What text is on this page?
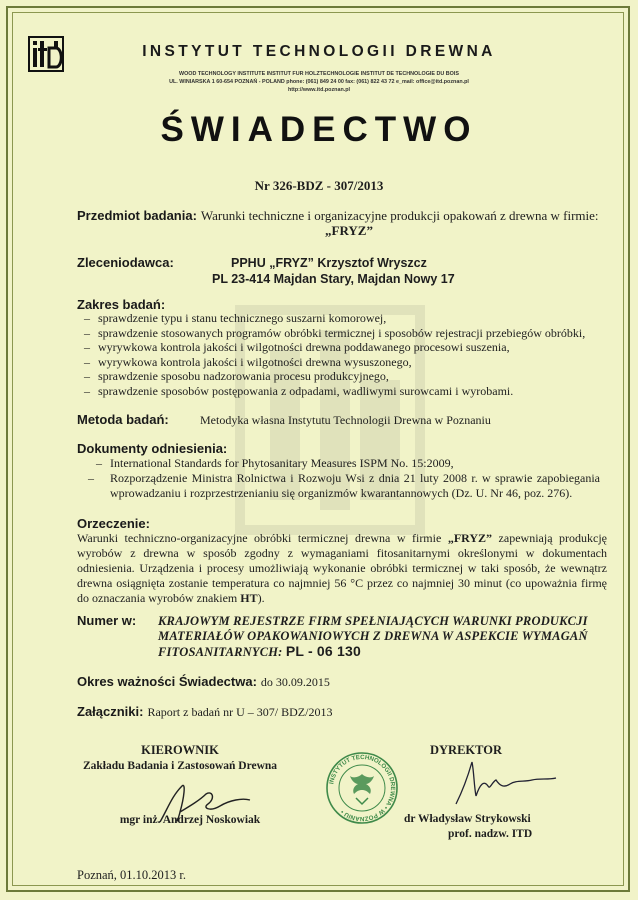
INSTYTUT TECHNOLOGII DREWNA
WOOD TECHNOLOGY INSTITUTE INSTITUT FUR HOLZTECHNOLOGIE INSTITUT DE TECHNOLOGIE DU BOIS
UL. WINIARSKA 1 60-654 POZNAŃ - POLAND phone: (061) 849 24 00 fax: (061) 822 43 72 e_mail: office@itd.poznan.pl
http://www.itd.poznan.pl
ŚWIADECTWO
Nr 326-BDZ - 307/2013
Przedmiot badania: Warunki techniczne i organizacyjne produkcji opakowań z drewna w firmie:
„FRYZ”
Zleceniodawca:	PPHU „FRYZ” Krzysztof Wryszcz
PL 23-414 Majdan Stary, Majdan Nowy 17
Zakres badań:
– sprawdzenie typu i stanu technicznego suszarni komorowej,
– sprawdzenie stosowanych programów obróbki termicznej i sposobów rejestracji przebiegów obróbki,
– wyrywkowa kontrola jakości i wilgotności drewna poddawanego procesowi suszenia,
– wyrywkowa kontrola jakości i wilgotności drewna wysuszonego,
– sprawdzenie sposobu nadzorowania procesu produkcyjnego,
– sprawdzenie sposobów postępowania z odpadami, wadliwymi surowcami i wyrobami.
Metoda badań:	Metodyka własna Instytutu Technologii Drewna w Poznaniu
Dokumenty odniesienia:
– International Standards for Phytosanitary Measures ISPM No. 15:2009,
– Rozporządzenie Ministra Rolnictwa i Rozwoju Wsi z dnia 21 luty 2008 r. w sprawie zapobiegania
wprowadzaniu i rozprzestrzenianiu się organizmów kwarantannowych (Dz. U. Nr 46, poz. 276).
Orzeczenie:
Warunki techniczno-organizacyjne obróbki termicznej drewna w firmie „FRYZ” zapewniają produkcję wyrobów z drewna w sposób zgodny z wymaganiami fitosanitarnymi określonymi w dokumentach odniesienia. Urządzenia i procesy umożliwiają wykonanie obróbki termicznej w taki sposób, że wewnątrz drewna osiągnięta zostanie temperatura co najmniej 56 °C przez co najmniej 30 minut (co upoważnia firmę do oznaczania wyrobów znakiem HT).
Numer w: KRAJOWYM REJESTRZE FIRM SPEŁNIAJĄCYCH WARUNKI PRODUKCJI
MATERIAŁÓW OPAKOWANIOWYCH Z DREWNA W ASPEKCIE WYMAGAŃ
FITOSANITARNYCH: PL - 06 130
Okres ważności Świadectwa: do 30.09.2015
Załączniki: Raport z badań nr U – 307/ BDZ/2013
KIEROWNIK
Zakładu Badania i Zastosowań Drewna
mgr inż. Andrzej Noskowiak
INSTYTUT TECHNOLOGII DREWNA • W POZNANIU •
DYREKTOR
dr Władysław Strykowski
prof. nadzw. ITD
Poznań, 01.10.2013 r.
